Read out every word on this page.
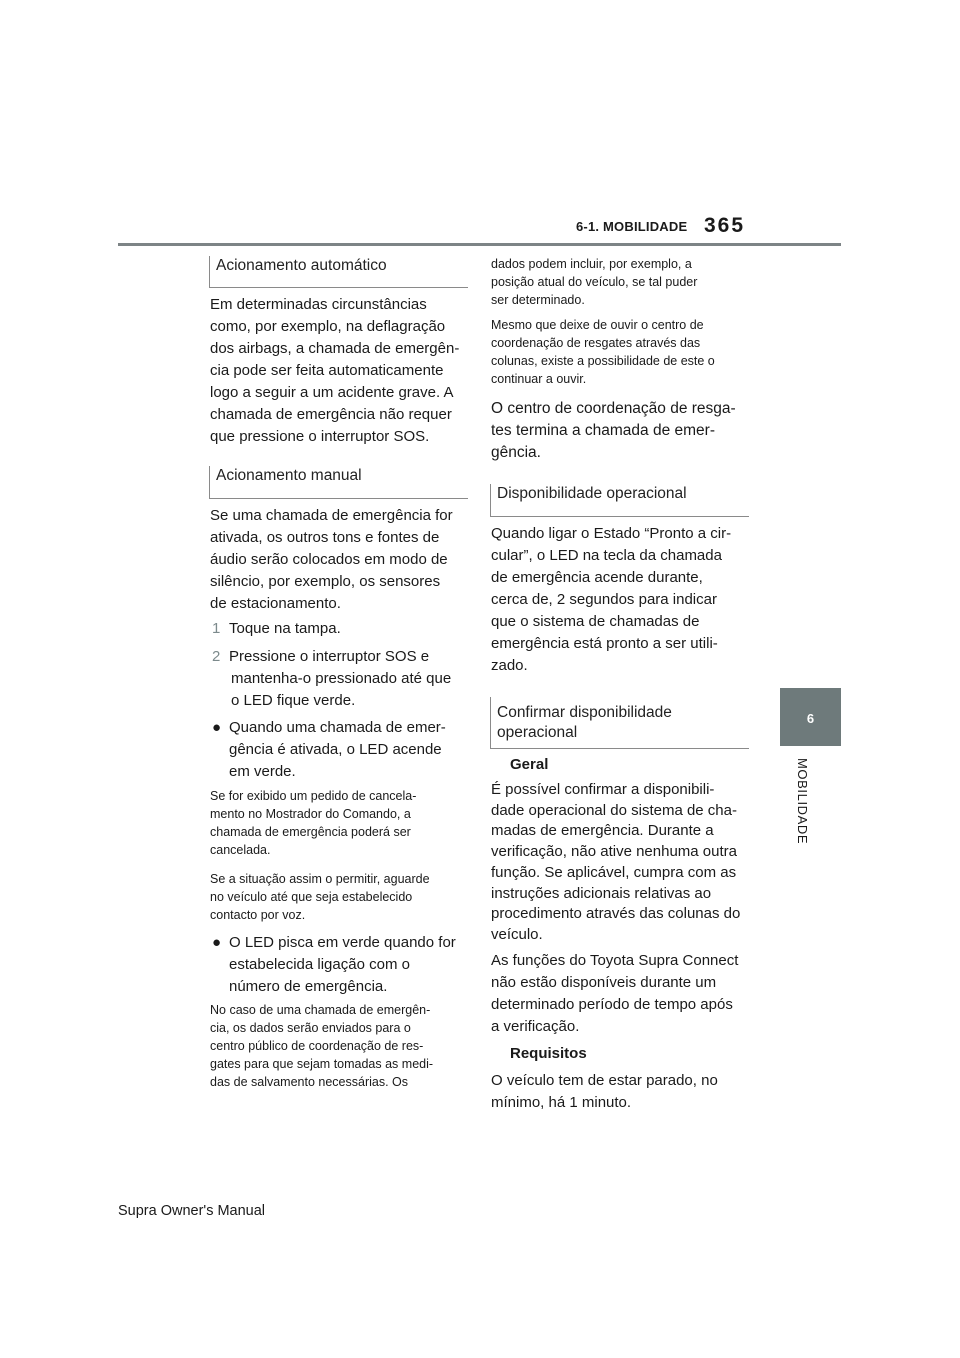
6-1. MOBILIDADE 365
6
MOBILIDADE
Acionamento automático
Em determinadas circunstâncias
como, por exemplo, na deflagração
dos airbags, a chamada de emergên-
cia pode ser feita automaticamente
logo a seguir a um acidente grave. A
chamada de emergência não requer
que pressione o interruptor SOS.
Acionamento manual
Se uma chamada de emergência for
ativada, os outros tons e fontes de
áudio serão colocados em modo de
silêncio, por exemplo, os sensores
de estacionamento.
1 Toque na tampa.
2 Pressione o interruptor SOS e
mantenha-o pressionado até que
o LED fique verde.
● Quando uma chamada de emer-
gência é ativada, o LED acende
em verde.
Se for exibido um pedido de cancela-
mento no Mostrador do Comando, a
chamada de emergência poderá ser
cancelada.
Se a situação assim o permitir, aguarde
no veículo até que seja estabelecido
contacto por voz.
● O LED pisca em verde quando for
estabelecida ligação com o
número de emergência.
No caso de uma chamada de emergên-
cia, os dados serão enviados para o
centro público de coordenação de res-
gates para que sejam tomadas as medi-
das de salvamento necessárias. Os
dados podem incluir, por exemplo, a
posição atual do veículo, se tal puder
ser determinado.
Mesmo que deixe de ouvir o centro de
coordenação de resgates através das
colunas, existe a possibilidade de este o
continuar a ouvir.
O centro de coordenação de resga-
tes termina a chamada de emer-
gência.
Disponibilidade operacional
Quando ligar o Estado “Pronto a cir-
cular”, o LED na tecla da chamada
de emergência acende durante,
cerca de, 2 segundos para indicar
que o sistema de chamadas de
emergência está pronto a ser utili-
zado.
Confirmar disponibilidade
operacional
Geral
É possível confirmar a disponibili-
dade operacional do sistema de cha-
madas de emergência. Durante a
verificação, não ative nenhuma outra
função. Se aplicável, cumpra com as
instruções adicionais relativas ao
procedimento através das colunas do
veículo.
As funções do Toyota Supra Connect
não estão disponíveis durante um
determinado período de tempo após
a verificação.
Requisitos
O veículo tem de estar parado, no
mínimo, há 1 minuto.
Supra Owner's Manual
